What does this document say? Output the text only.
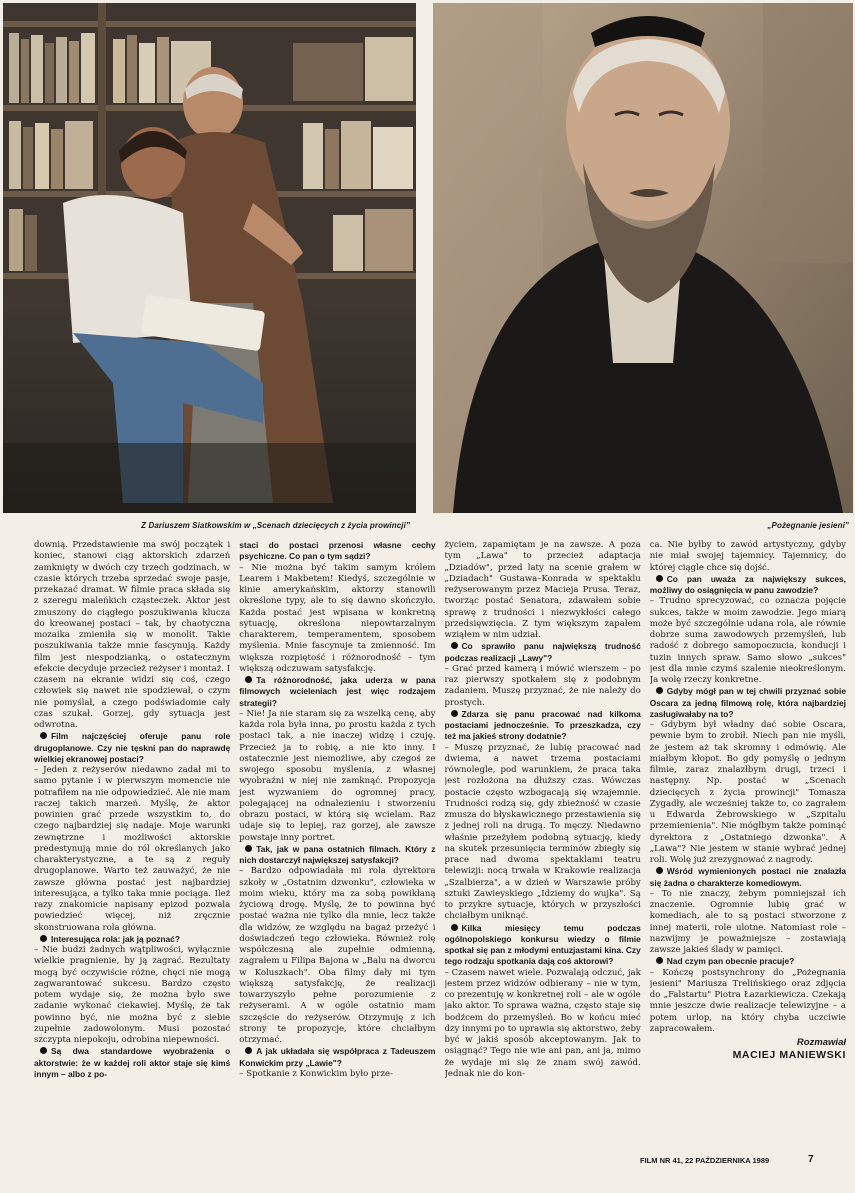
Z Dariuszem Siatkowskim w „Scenach dziecięcych z życia prowincji”	„Pożegnanie jesieni”

downią. Przedstawienie ma swój początek i koniec, stanowi ciąg aktorskich zdarzeń zamknięty w dwóch czy trzech godzinach, w czasie których trzeba sprzedać swoje pasje, przekazać dramat. W filmie praca składa się z szeregu maleńkich cząsteczek. Aktor jest zmuszony do ciągłego poszukiwania klucza do kreowanej postaci – tak, by chaotyczna mozaika zmieniła się w monolit. Takie poszukiwania także mnie fascynują. Każdy film jest niespodzianką, o ostatecznym efekcie decyduje przecież reżyser i montaż. I czasem na ekranie widzi się coś, czego człowiek się nawet nie spodziewał, o czym nie pomyślał, a czego podświadomie cały czas szukał. Gorzej, gdy sytuacja jest odwrotna.

Film najczęściej oferuje panu role drugoplanowe. Czy nie tęskni pan do naprawdę wielkiej ekranowej postaci?

– Jeden z reżyserów niedawno zadał mi to samo pytanie i w pierwszym momencie nie potrafiłem na nie odpowiedzieć. Ale nie mam raczej takich marzeń. Myślę, że aktor powinien grać przede wszystkim to, do czego najbardziej się nadaje. Moje warunki zewnętrzne i możliwości aktorskie predestynują mnie do ról określanych jako charakterystyczne, a te są z reguły drugoplanowe. Warto też zauważyć, że nie zawsze główna postać jest najbardziej interesująca, a tylko taka mnie pociąga. Ileż razy znakomicie napisany epizod pozwala powiedzieć więcej, niż zręcznie skonstruowana rola główna.

Interesująca rola: jak ją poznać?

– Nie budzi żadnych wątpliwości, wyłącznie wielkie pragnienie, by ją zagrać. Rezultaty mogą być oczywiście różne, chęci nie mogą zagwarantować sukcesu. Bardzo często potem wydaje się, że można było swe zadanie wykonać ciekawiej. Myślę, że tak powinno być, nie można być z siebie zupełnie zadowolonym. Musi pozostać szczypta niepokoju, odrobina niepewności.

Są dwa standardowe wyobrażenia o aktorstwie: że w każdej roli aktor staje się kimś innym – albo z po-

staci do postaci przenosi własne cechy psychiczne. Co pan o tym sądzi?

– Nie można być takim samym królem Learem i Makbetem! Kiedyś, szczególnie w kinie amerykańskim, aktorzy stanowili określone typy, ale to się dawno skończyło. Każda postać jest wpisana w konkretną sytuację, określona niepowtarzalnym charakterem, temperamentem, sposobem myślenia. Mnie fascynuje ta zmienność. Im większa rozpiętość i różnorodność – tym większą odczuwam satysfakcję.

Ta różnorodność, jaka uderza w pana filmowych wcieleniach jest więc rodzajem strategii?

– Nie! Ja nie staram się za wszelką cenę, aby każda rola była inna, po prostu każda z tych postaci tak, a nie inaczej widzę i czuję. Przecież ja to robię, a nie kto inny. I ostatecznie jest niemożliwe, aby czegoś ze swojego sposobu myślenia, z własnej wyobraźni w niej nie zamknąć. Propozycja jest wyzwaniem do ogromnej pracy, polegającej na odnalezieniu i stworzeniu obrazu postaci, w którą się wcielam. Raz udaje się to lepiej, raz gorzej, ale zawsze powstaje inny portret.

Tak, jak w pana ostatnich filmach. Który z nich dostarczył największej satysfakcji?

– Bardzo odpowiadała mi rola dyrektora szkoły w „Ostatnim dzwonku", człowieka w moim wieku, który ma za sobą powikłaną życiową drogę. Myślę, że to powinna być postać ważna nie tylko dla mnie, lecz także dla widzów, ze względu na bagaż przeżyć i doświadczeń tego człowieka. Również rolę współczesną ale zupełnie odmienną, zagrałem u Filipa Bajona w „Balu na dworcu w Koluszkach". Oba filmy dały mi tym większą satysfakcję, że realizacji towarzyszyło pełne porozumienie z reżyserami. A w ogóle ostatnio mam szczęście do reżyserów. Otrzymuję z ich strony te propozycje, które chciałbym otrzymać.

A jak układała się współpraca z Tadeuszem Konwickim przy „Lawie"?

– Spotkanie z Konwickim było prze-

życiem, zapamiętam je na zawsze. A poza tym „Lawa" to przecież adaptacja „Dziadów", przed laty na scenie grałem w „Dziadach" Gustawa–Konrada w spektaklu reżyserowanym przez Macieja Prusa. Teraz, tworząc postać Senatora, zdawałem sobie sprawę z trudności i niezwykłości całego przedsięwzięcia. Z tym większym zapałem wziąłem w nim udział.

Co sprawiło panu największą trudność podczas realizacji „Lawy"?

– Grać przed kamerą i mówić wierszem – po raz pierwszy spotkałem się z podobnym zadaniem. Muszę przyznać, że nie należy do prostych.

Zdarza się panu pracować nad kilkoma postaciami jednocześnie. To przeszkadza, czy też ma jakieś strony dodatnie?

– Muszę przyznać, że lubię pracować nad dwiema, a nawet trzema postaciami równolegle, pod warunkiem, że praca taka jest rozłożona na dłuższy czas. Wówczas postacie często wzbogacają się wzajemnie. Trudności rodzą się, gdy zbieżność w czasie zmusza do błyskawicznego przestawienia się z jednej roli na drugą. To męczy. Niedawno właśnie przeżyłem podobną sytuację, kiedy na skutek przesunięcia terminów zbiegły się prace nad dwoma spektaklami teatru telewizji: nocą trwała w Krakowie realizacja „Szalbierza", a w dzień w Warszawie próby sztuki Zawieyskiego „Idziemy do wujka". Są to przykre sytuacje, których w przyszłości chciałbym uniknąć.

Kilka miesięcy temu podczas ogólnopolskiego konkursu wiedzy o filmie spotkał się pan z młodymi entuzjastami kina. Czy tego rodzaju spotkania dają coś aktorowi?

– Czasem nawet wiele. Pozwalają odczuć, jak jestem przez widzów odbierany – nie w tym, co prezentuję w konkretnej roli – ale w ogóle jako aktor. To sprawa ważna, często staje się bodźcem do przemyśleń. Bo w końcu mieć dzy innymi po to uprawia się aktorstwo, żeby być w jakiś sposób akceptowanym. Jak to osiągnąć? Tego nie wie ani pan, ani ja, mimo że wydaje mi się że znam swój zawód. Jednak nie do kon-

ca. Nie byłby to zawód artystyczny, gdyby nie miał swojej tajemnicy. Tajemnicy, do której ciągle chce się dojść.

Co pan uważa za największy sukces, możliwy do osiągnięcia w panu zawodzie?

– Trudno sprecyzować, co oznacza pojęcie sukces, także w moim zawodzie. Jego miarą może być szczególnie udana rola, ale równie dobrze suma zawodowych przemyśleń, lub radość z dobrego samopoczucia, konducji i tuzin innych spraw. Samo słowo „sukces" jest dla mnie czymś szalenie nieokreślonym. Ja wolę rzeczy konkretne.

Gdyby mógł pan w tej chwili przyznać sobie Oscara za jedną filmową rolę, która najbardziej zasługiwałaby na to?

– Gdybym był władny dać sobie Oscara, pewnie bym to zrobił. Niech pan nie myśli, że jestem aż tak skromny i odmówię. Ale miałbym kłopot. Bo gdy pomyślę o jednym filmie, zaraz znalazłbym drugi, trzeci i następny. Np. postać w „Scenach dziecięcych z życia prowincji" Tomasza Zygadły, ale wcześniej także to, co zagrałem u Edwarda Żebrowskiego w „Szpitalu przemienienia". Nie mógłbym także pominąć dyrektora z „Ostatniego dzwonka". A „Lawa"? Nie jestem w stanie wybrać jednej roli. Wolę już zrezygnować z nagrody.

Wśród wymienionych postaci nie znalazła się żadna o charakterze komediowym.

– To nie znaczy, żebym pomniejszał ich znaczenie. Ogromnie lubię grać w komediach, ale to są postaci stworzone z innej materii, role ulotne. Natomiast role – nazwijmy je poważniejsze – zostawiają zawsze jakieś ślady w pamięci.

Nad czym pan obecnie pracuje?

– Kończę postsynchrony do „Pożegnania jesieni" Mariusza Trelińskiego oraz zdjęcia do „Falstartu" Piotra Łazarkiewicza. Czekają mnie jeszcze dwie realizacje telewizyjne – a potem urlop, na który chyba uczciwie zapracowałem.

Rozmawiał
MACIEJ MANIEWSKI
FILM NR 41, 22 PAŹDZIERNIKA 1989	7
